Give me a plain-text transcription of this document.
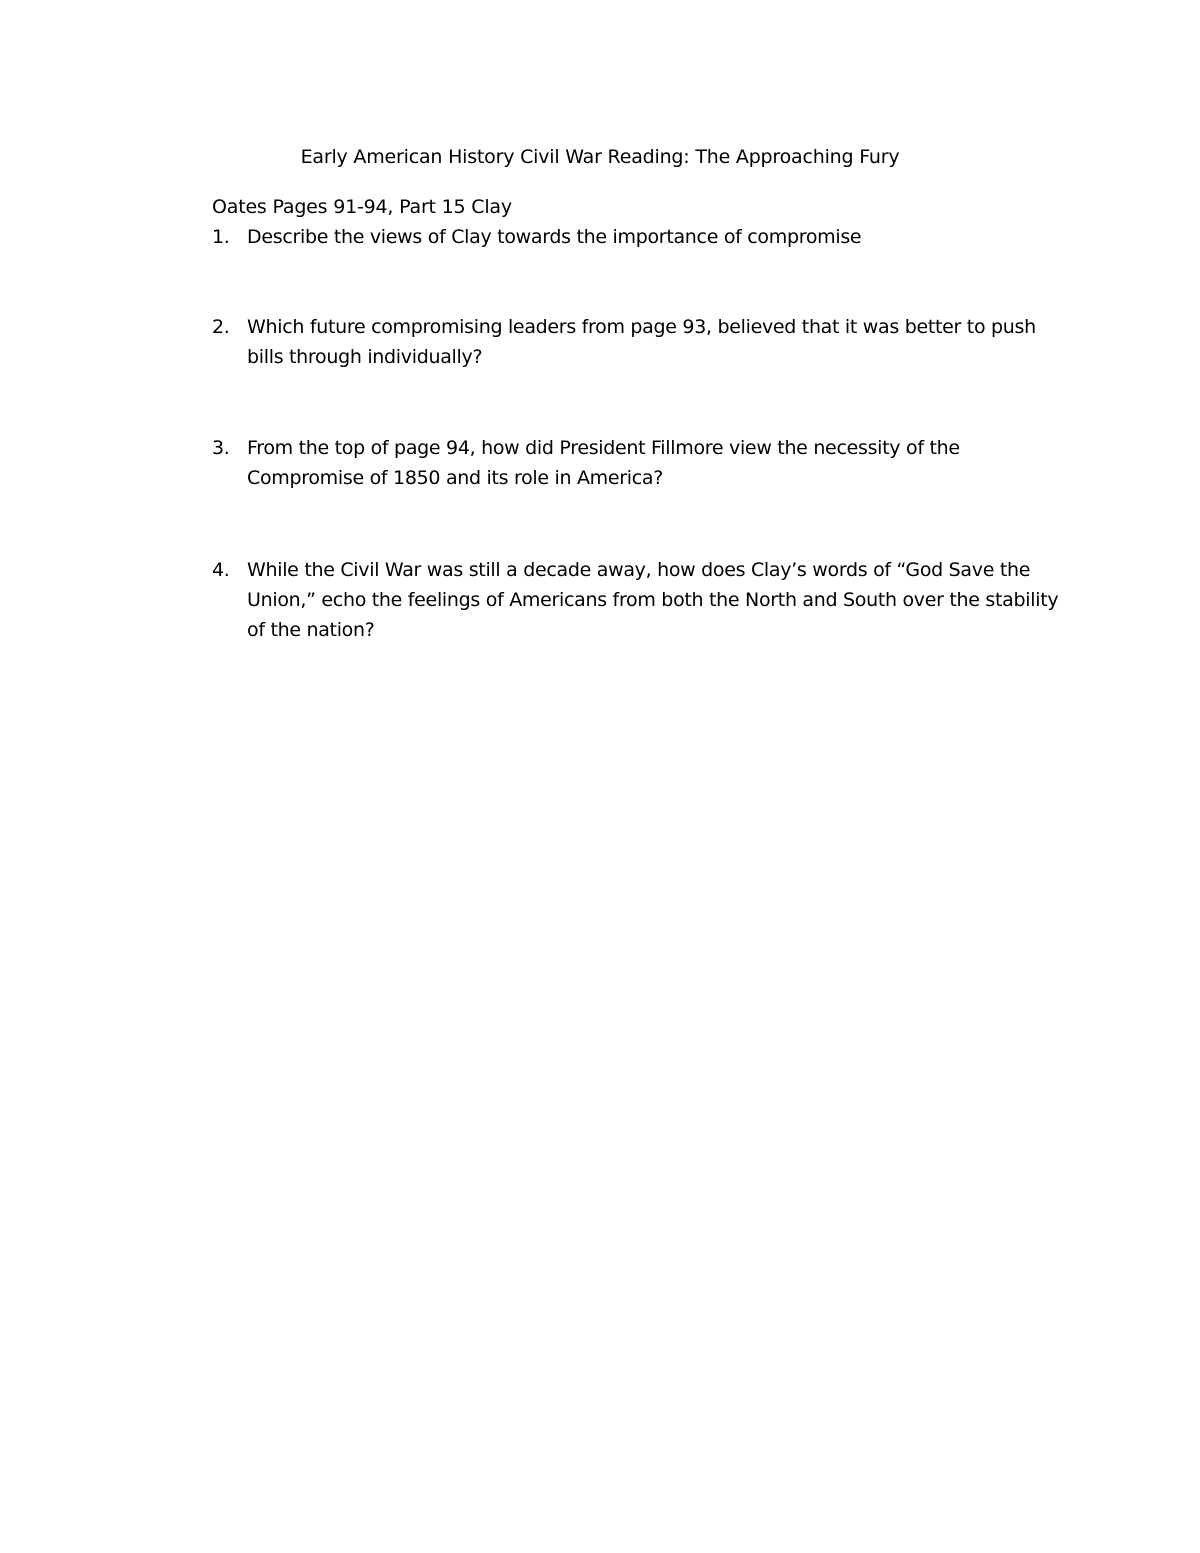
Early American History Civil War Reading: The Approaching Fury
Oates Pages 91-94, Part 15 Clay
1. Describe the views of Clay towards the importance of compromise
2. Which future compromising leaders from page 93, believed that it was better to push bills through individually?
3. From the top of page 94, how did President Fillmore view the necessity of the Compromise of 1850 and its role in America?
4. While the Civil War was still a decade away, how does Clay’s words of “God Save the Union,” echo the feelings of Americans from both the North and South over the stability of the nation?
